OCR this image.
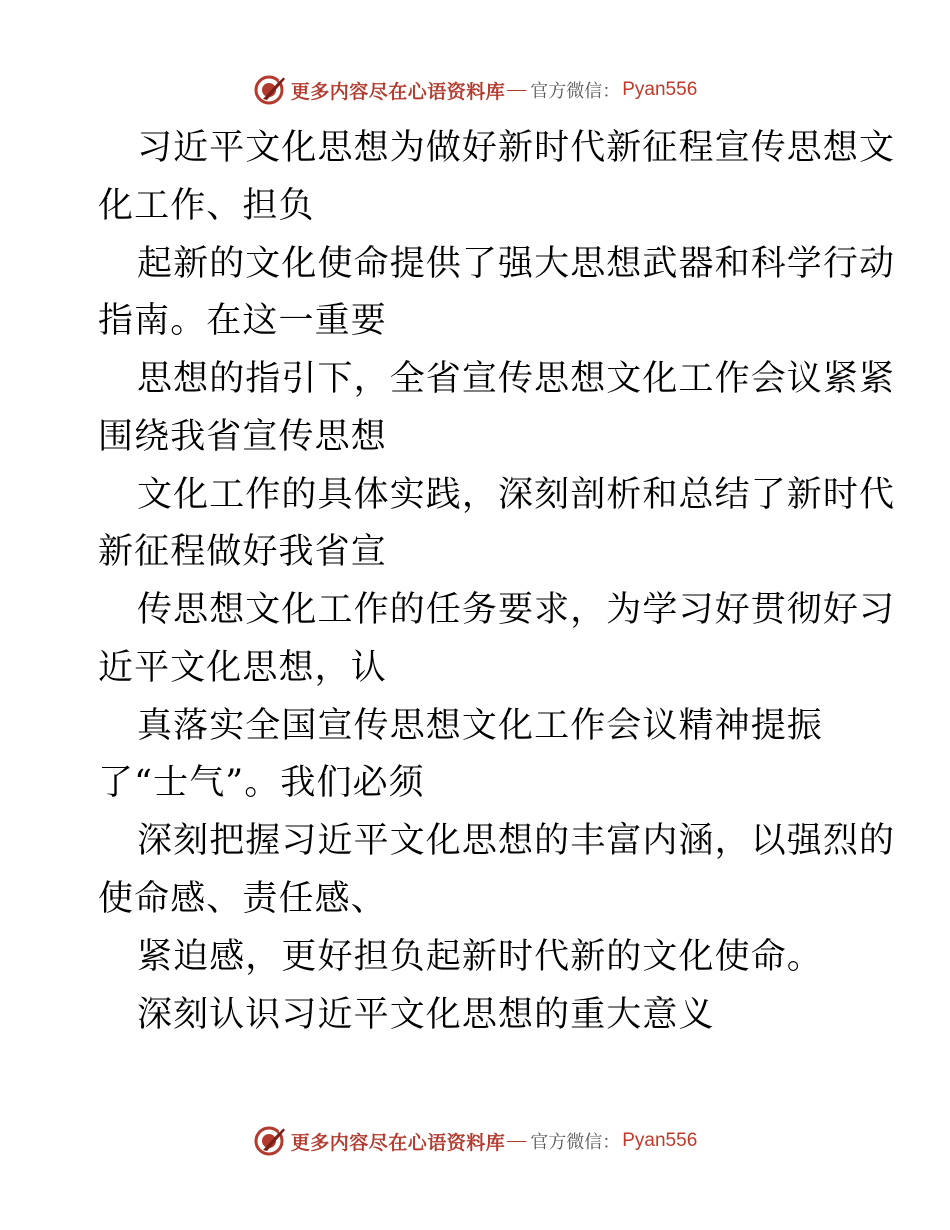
更多内容尽在心语资料库 — 官方微信： Pyan556
习近平文化思想为做好新时代新征程宣传思想文
化工作、担负
起新的文化使命提供了强大思想武器和科学行动
指南。在这一重要
思想的指引下，全省宣传思想文化工作会议紧紧
围绕我省宣传思想
文化工作的具体实践，深刻剖析和总结了新时代
新征程做好我省宣
传思想文化工作的任务要求，为学习好贯彻好习
近平文化思想，认
真落实全国宣传思想文化工作会议精神提振
了“士气”。我们必须
深刻把握习近平文化思想的丰富内涵，以强烈的
使命感、责任感、
紧迫感，更好担负起新时代新的文化使命。
深刻认识习近平文化思想的重大意义
更多内容尽在心语资料库 — 官方微信： Pyan556
